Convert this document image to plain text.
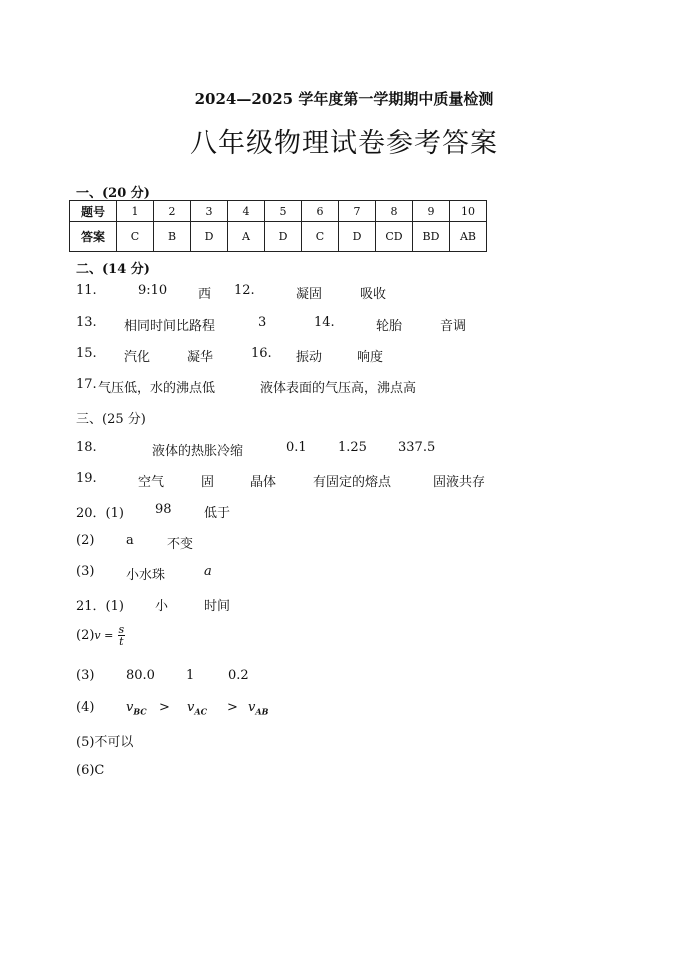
2024—2025 学年度第一学期期中质量检测
八年级物理试卷参考答案
一、(20 分)
题号	1	2	3	4	5	6	7	8	9	10
答案	C	B	D	A	D	C	D	CD	BD	AB
二、(14 分)
11.	9:10 西 12.	凝固	吸收
13. 相同时间比路程	3	14.	轮胎	音调
15. 汽化	凝华	16. 振动	响度
17. 气压低，水的沸点低	液体表面的气压高，沸点高
三、(25 分)
18.	液体的热胀冷缩	0.1 1.25 337.5
19.	空气	固	晶体	有固定的熔点	固液共存
20．(1) 98 低于
(2) a	不变
(3) 小水珠	a
21．(1) 小	时间
$(2)v = \frac{s}{t}$
(3) 80.0 1	0.2
(4) $v_{BC} > v_{AC} > v_{AB}$
(5)不可以
(6)C
